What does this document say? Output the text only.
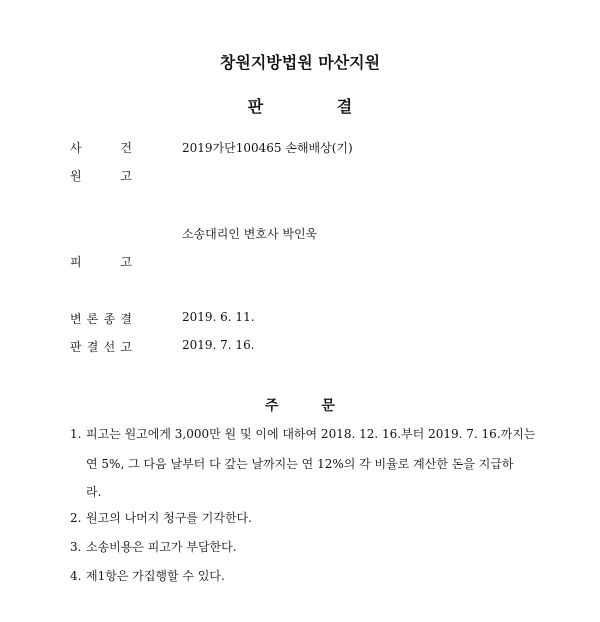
창원지방법원 마산지원
판 결
사	건	2019가단100465 손해배상(기)
원	고
소송대리인 변호사 박인욱
피	고
변 론 종 결	2019. 6. 11.
판 결 선 고	2019. 7. 16.
주 문
1. 피고는 원고에게 3,000만 원 및 이에 대하여 2018. 12. 16.부터 2019. 7. 16.까지는
연 5%, 그 다음 날부터 다 갚는 날까지는 연 12%의 각 비율로 계산한 돈을 지급하
라.
2. 원고의 나머지 청구를 기각한다.
3. 소송비용은 피고가 부담한다.
4. 제1항은 가집행할 수 있다.
